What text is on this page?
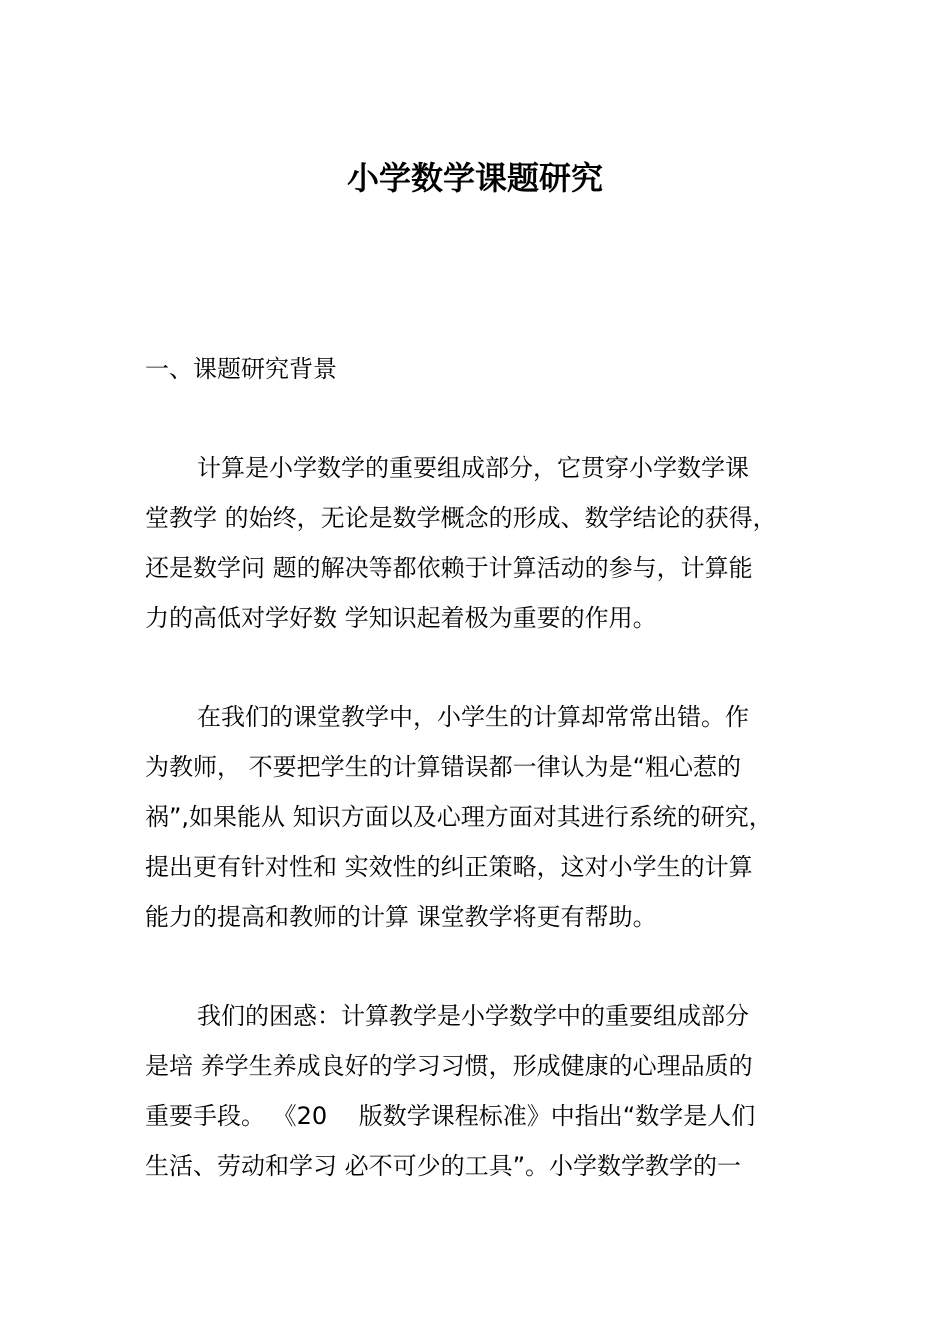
小学数学课题研究
一、课题研究背景
计算是小学数学的重要组成部分，它贯穿小学数学课
堂教学 的始终，无论是数学概念的形成、数学结论的获得，
还是数学问 题的解决等都依赖于计算活动的参与，计算能
力的高低对学好数 学知识起着极为重要的作用。
在我们的课堂教学中，小学生的计算却常常出错。作
为教师， 不要把学生的计算错误都一律认为是“粗心惹的
祸”,如果能从 知识方面以及心理方面对其进行系统的研究，
提出更有针对性和 实效性的纠正策略，这对小学生的计算
能力的提高和教师的计算 课堂教学将更有帮助。
我们的困惑：计算教学是小学数学中的重要组成部分
是培 养学生养成良好的学习习惯，形成健康的心理品质的
重要手段。 《20　 版数学课程标准》中指出“数学是人们
生活、劳动和学习 必不可少的工具”。小学数学教学的一
